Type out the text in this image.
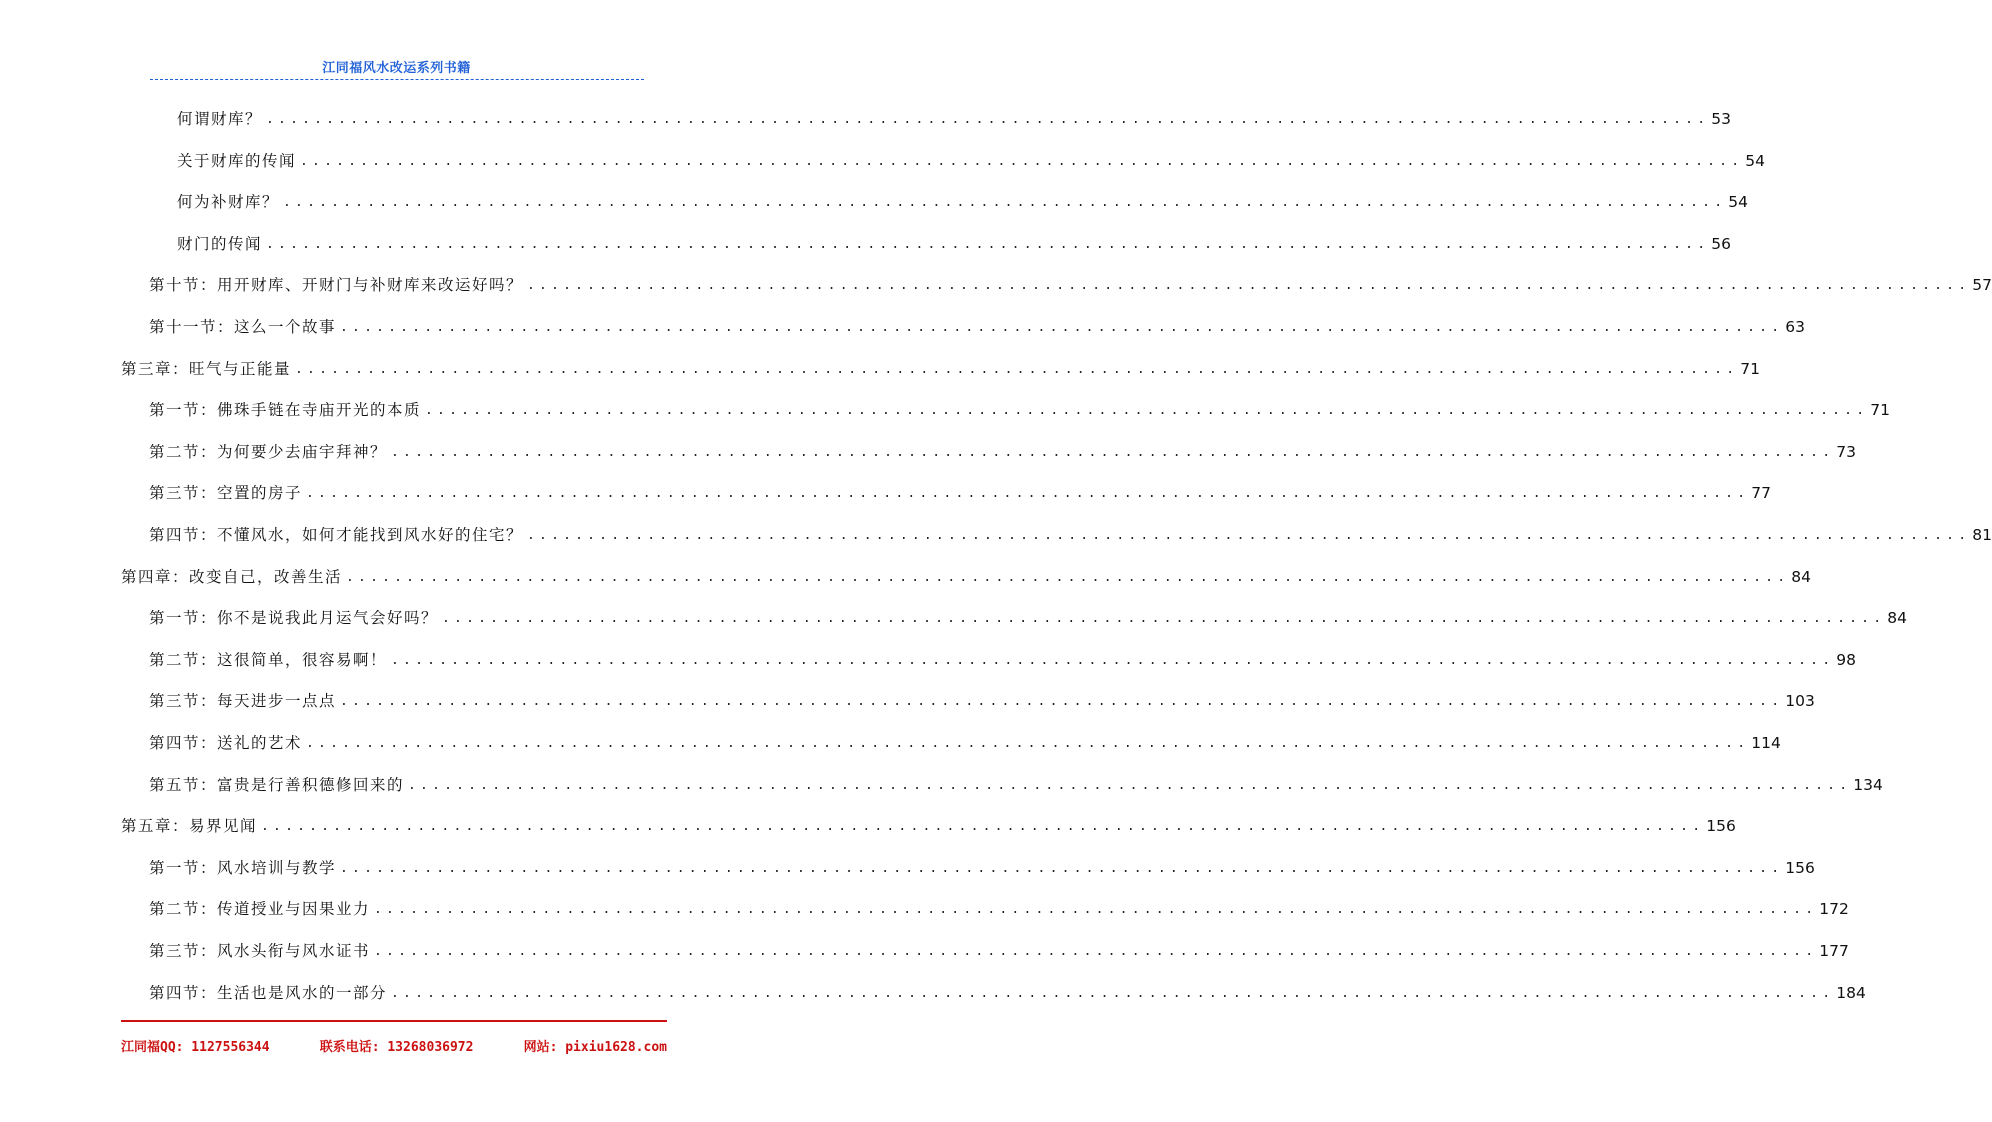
江同福风水改运系列书籍
何谓财库？ ........................................................................................................................ 53
关于财库的传闻 ........................................................................................................................ 54
何为补财库？ ........................................................................................................................ 54
财门的传闻 ........................................................................................................................ 56
第十节：用开财库、开财门与补财库来改运好吗？ ........................................................................................................................ 57
第十一节：这么一个故事 ........................................................................................................................ 63
第三章：旺气与正能量 ........................................................................................................................ 71
第一节：佛珠手链在寺庙开光的本质 ........................................................................................................................ 71
第二节：为何要少去庙宇拜神？ ........................................................................................................................ 73
第三节：空置的房子 ........................................................................................................................ 77
第四节：不懂风水，如何才能找到风水好的住宅？ ........................................................................................................................ 81
第四章：改变自己，改善生活 ........................................................................................................................ 84
第一节：你不是说我此月运气会好吗？ ........................................................................................................................ 84
第二节：这很简单，很容易啊！ ........................................................................................................................ 98
第三节：每天进步一点点 ........................................................................................................................ 103
第四节：送礼的艺术 ........................................................................................................................ 114
第五节：富贵是行善积德修回来的 ........................................................................................................................ 134
第五章：易界见闻 ........................................................................................................................ 156
第一节：风水培训与教学 ........................................................................................................................ 156
第二节：传道授业与因果业力 ........................................................................................................................ 172
第三节：风水头衔与风水证书 ........................................................................................................................ 177
第四节：生活也是风水的一部分 ........................................................................................................................ 184
江同福QQ: 1127556344	联系电话: 13268036972	网站: pixiu1628.com
